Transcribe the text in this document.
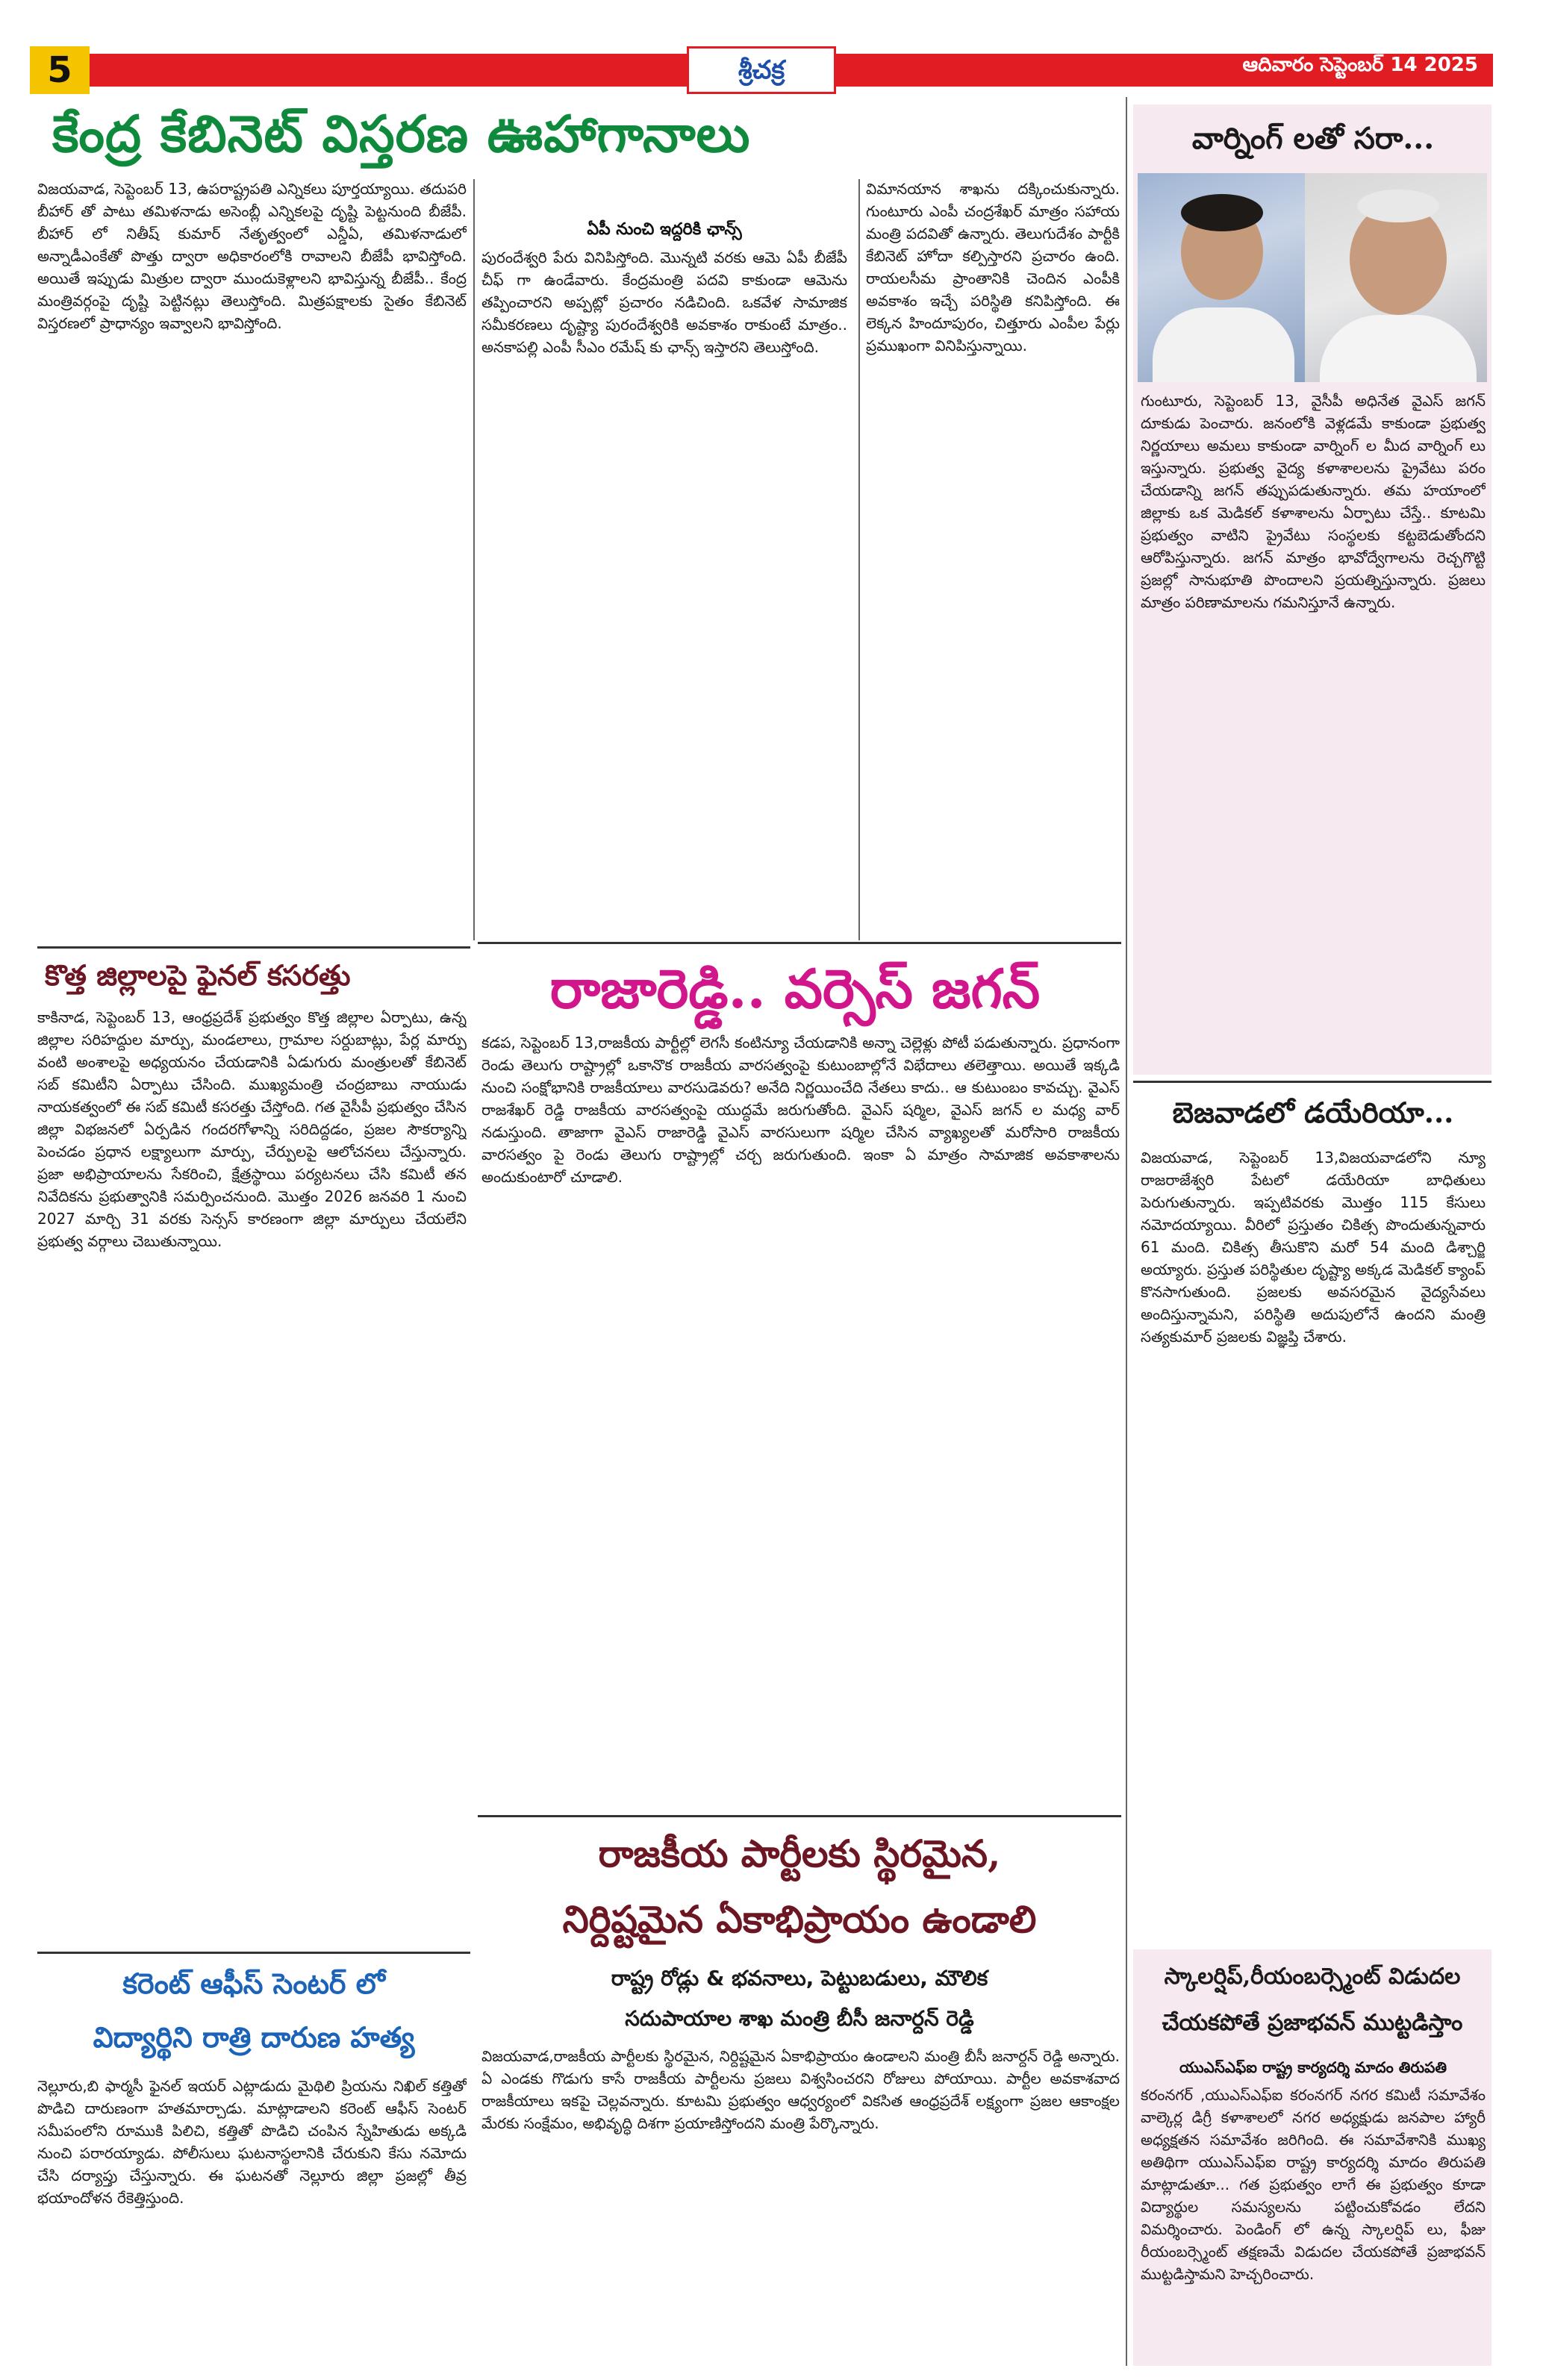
5	శ్రీచక్ర	ఆదివారం సెప్టెంబర్ 14 2025
కేంద్ర కేబినెట్ విస్తరణ ఊహాగానాలు

విజయవాడ, సెప్టెంబర్ 13, ఉపరాష్ట్రపతి ఎన్నికలు పూర్తయ్యాయి. తదుపరి బీహార్ తో పాటు తమిళనాడు అసెంబ్లీ ఎన్నికలపై దృష్టి పెట్టనుంది బీజేపీ. బీహార్ లో నితీష్ కుమార్ నేతృత్వంలో ఎన్డీఏ, తమిళనాడులో అన్నాడీఎంకేతో పొత్తు ద్వారా అధికారంలోకి రావాలని బీజేపీ భావిస్తోంది. అయితే ఇప్పుడు మిత్రుల ద్వారా ముందుకెళ్లాలని భావిస్తున్న బీజేపీ.. కేంద్ర మంత్రివర్గంపై దృష్టి పెట్టినట్లు తెలుస్తోంది. మిత్రపక్షాలకు సైతం కేబినెట్ విస్తరణలో ప్రాధాన్యం ఇవ్వాలని భావిస్తోంది.

ఏపీ నుంచి ఇద్దరికి ఛాన్స్

పురందేశ్వరి పేరు వినిపిస్తోంది. మొన్నటి వరకు ఆమె ఏపీ బీజేపీ చీఫ్ గా ఉండేవారు. కేంద్రమంత్రి పదవి కాకుండా ఆమెను తప్పించారని అప్పట్లో ప్రచారం నడిచింది. ఒకవేళ సామాజిక సమీకరణలు దృష్ట్యా పురందేశ్వరికి అవకాశం రాకుంటే మాత్రం.. అనకాపల్లి ఎంపీ సీఎం రమేష్ కు ఛాన్స్ ఇస్తారని తెలుస్తోంది.

విమానయాన శాఖను దక్కించుకున్నారు. గుంటూరు ఎంపీ చంద్రశేఖర్ మాత్రం సహాయ మంత్రి పదవితో ఉన్నారు. తెలుగుదేశం పార్టీకి కేబినెట్ హోదా కల్పిస్తారని ప్రచారం ఉంది. రాయలసీమ ప్రాంతానికి చెందిన ఎంపీకి అవకాశం ఇచ్చే పరిస్థితి కనిపిస్తోంది. ఈ లెక్కన హిందూపురం, చిత్తూరు ఎంపీల పేర్లు ప్రముఖంగా వినిపిస్తున్నాయి.

కొత్త జిల్లాలపై ఫైనల్ కసరత్తు

కాకినాడ, సెప్టెంబర్ 13, ఆంధ్రప్రదేశ్ ప్రభుత్వం కొత్త జిల్లాల ఏర్పాటు, ఉన్న జిల్లాల సరిహద్దుల మార్పు, మండలాలు, గ్రామాల సర్దుబాట్లు, పేర్ల మార్పు వంటి అంశాలపై అధ్యయనం చేయడానికి ఏడుగురు మంత్రులతో కేబినెట్ సబ్ కమిటీని ఏర్పాటు చేసింది. ముఖ్యమంత్రి చంద్రబాబు నాయుడు నాయకత్వంలో ఈ సబ్ కమిటీ కసరత్తు చేస్తోంది. గత వైసీపీ ప్రభుత్వం చేసిన జిల్లా విభజనలో ఏర్పడిన గందరగోళాన్ని సరిదిద్దడం, ప్రజల సౌకర్యాన్ని పెంచడం ప్రధాన లక్ష్యాలుగా మార్పు, చేర్పులపై ఆలోచనలు చేస్తున్నారు. ప్రజా అభిప్రాయాలను సేకరించి, క్షేత్రస్థాయి పర్యటనలు చేసి కమిటీ తన నివేదికను ప్రభుత్వానికి సమర్పించనుంది. మొత్తం 2026 జనవరి 1 నుంచి 2027 మార్చి 31 వరకు సెన్సస్ కారణంగా జిల్లా మార్పులు చేయలేని ప్రభుత్వ వర్గాలు చెబుతున్నాయి.

రాజారెడ్డి.. వర్సెస్ జగన్

కడప, సెప్టెంబర్ 13,రాజకీయ పార్టీల్లో లెగసీ కంటిన్యూ చేయడానికి అన్నా చెల్లెళ్లు పోటీ పడుతున్నారు. ప్రధానంగా రెండు తెలుగు రాష్ట్రాల్లో ఒకానొక రాజకీయ వారసత్వంపై కుటుంబాల్లోనే విభేదాలు తలెత్తాయి. అయితే ఇక్కడి నుంచి సంక్షోభానికి రాజకీయాలు వారసుడెవరు? అనేది నిర్ణయించేది నేతలు కాదు.. ఆ కుటుంబం కావచ్చు. వైఎస్ రాజశేఖర్ రెడ్డి రాజకీయ వారసత్వంపై యుద్ధమే జరుగుతోంది. వైఎస్ షర్మిల, వైఎస్ జగన్ ల మధ్య వార్ నడుస్తుంది. తాజాగా వైఎస్ రాజారెడ్డి వైఎస్ వారసులుగా షర్మిల చేసిన వ్యాఖ్యలతో మరోసారి రాజకీయ వారసత్వం పై రెండు తెలుగు రాష్ట్రాల్లో చర్చ జరుగుతుంది. ఇంకా ఏ మాత్రం సామాజిక అవకాశాలను అందుకుంటారో చూడాలి.

కరెంట్ ఆఫీస్ సెంటర్ లో
విద్యార్థిని రాత్రి దారుణ హత్య

నెల్లూరు,బి ఫార్మసీ ఫైనల్ ఇయర్ ఎట్లాడుదు మైథిలి ప్రియను నిఖిల్ కత్తితో పొడిచి దారుణంగా హతమార్చాడు. మాట్లాడాలని కరెంట్ ఆఫీస్ సెంటర్ సమీపంలోని రూముకి పిలిచి, కత్తితో పొడిచి చంపిన స్నేహితుడు అక్కడి నుంచి పరారయ్యాడు. పోలీసులు ఘటనాస్థలానికి చేరుకుని కేసు నమోదు చేసి దర్యాప్తు చేస్తున్నారు. ఈ ఘటనతో నెల్లూరు జిల్లా ప్రజల్లో తీవ్ర భయాందోళన రేకెత్తిస్తుంది.

రాజకీయ పార్టీలకు స్థిరమైన,
నిర్దిష్టమైన ఏకాభిప్రాయం ఉండాలి
రాష్ట్ర రోడ్లు & భవనాలు, పెట్టుబడులు, మౌలిక
సదుపాయాల శాఖ మంత్రి బీసీ జనార్దన్ రెడ్డి

విజయవాడ,రాజకీయ పార్టీలకు స్థిరమైన, నిర్దిష్టమైన ఏకాభిప్రాయం ఉండాలని మంత్రి బీసీ జనార్దన్ రెడ్డి అన్నారు. ఏ ఎండకు గొడుగు కాసే రాజకీయ పార్టీలను ప్రజలు విశ్వసించరని రోజులు పోయాయి. పార్టీల అవకాశవాద రాజకీయాలు ఇకపై చెల్లవన్నారు. కూటమి ప్రభుత్వం ఆధ్వర్యంలో వికసిత ఆంధ్రప్రదేశ్ లక్ష్యంగా ప్రజల ఆకాంక్షల మేరకు సంక్షేమం, అభివృద్ధి దిశగా ప్రయాణిస్తోందని మంత్రి పేర్కొన్నారు.

వార్నింగ్ లతో సరా...

గుంటూరు, సెప్టెంబర్ 13, వైసీపీ అధినేత వైఎస్ జగన్ దూకుడు పెంచారు. జనంలోకి వెళ్లడమే కాకుండా ప్రభుత్వ నిర్ణయాలు అమలు కాకుండా వార్నింగ్ ల మీద వార్నింగ్ లు ఇస్తున్నారు. ప్రభుత్వ వైద్య కళాశాలలను ప్రైవేటు పరం చేయడాన్ని జగన్ తప్పుపడుతున్నారు. తమ హయాంలో జిల్లాకు ఒక మెడికల్ కళాశాలను ఏర్పాటు చేస్తే.. కూటమి ప్రభుత్వం వాటిని ప్రైవేటు సంస్థలకు కట్టబెడుతోందని ఆరోపిస్తున్నారు. జగన్ మాత్రం భావోద్వేగాలను రెచ్చగొట్టి ప్రజల్లో సానుభూతి పొందాలని ప్రయత్నిస్తున్నారు. ప్రజలు మాత్రం పరిణామాలను గమనిస్తూనే ఉన్నారు.

బెజవాడలో డయేరియా...

విజయవాడ, సెప్టెంబర్ 13,విజయవాడలోని న్యూ రాజరాజేశ్వరి పేటలో డయేరియా బాధితులు పెరుగుతున్నారు. ఇప్పటివరకు మొత్తం 115 కేసులు నమోదయ్యాయి. వీరిలో ప్రస్తుతం చికిత్స పొందుతున్నవారు 61 మంది. చికిత్స తీసుకొని మరో 54 మంది డిశ్చార్జి అయ్యారు. ప్రస్తుత పరిస్థితుల దృష్ట్యా అక్కడ మెడికల్ క్యాంప్ కొనసాగుతుంది. ప్రజలకు అవసరమైన వైద్యసేవలు అందిస్తున్నామని, పరిస్థితి అదుపులోనే ఉందని మంత్రి సత్యకుమార్ ప్రజలకు విజ్ఞప్తి చేశారు.

స్కాలర్షిప్,రీయంబర్స్మెంట్ విడుదల
చేయకపోతే ప్రజాభవన్ ముట్టడిస్తాం
యుఎస్ఎఫ్ఐ రాష్ట్ర కార్యదర్శి మాదం తిరుపతి

కరంనగర్ ,యుఎస్ఎఫ్ఐ కరంనగర్ నగర కమిటీ సమావేశం వాల్కెర్ల డిగ్రీ కళాశాలలో నగర అధ్యక్షుడు జనపాల హ్యారీ అధ్యక్షతన సమావేశం జరిగింది. ఈ సమావేశానికి ముఖ్య అతిథిగా యుఎస్ఎఫ్ఐ రాష్ట్ర కార్యదర్శి మాదం తిరుపతి మాట్లాడుతూ... గత ప్రభుత్వం లాగే ఈ ప్రభుత్వం కూడా విద్యార్థుల సమస్యలను పట్టించుకోవడం లేదని విమర్శించారు. పెండింగ్ లో ఉన్న స్కాలర్షిప్ లు, ఫీజు రీయంబర్స్మెంట్ తక్షణమే విడుదల చేయకపోతే ప్రజాభవన్ ముట్టడిస్తామని హెచ్చరించారు.
